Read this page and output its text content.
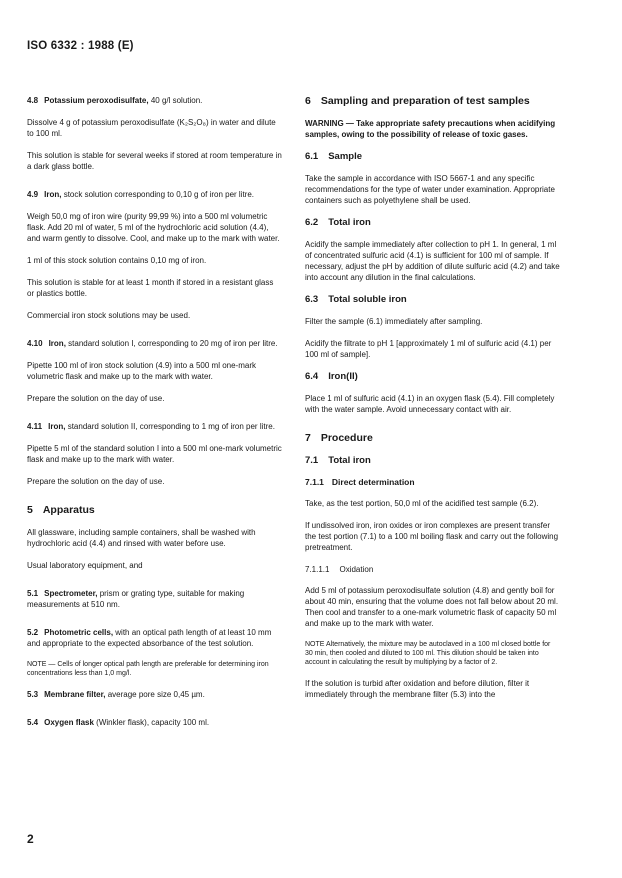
ISO 6332 : 1988 (E)

4.8 Potassium peroxodisulfate, 40 g/l solution.

Dissolve 4 g of potassium peroxodisulfate (K₂S₂O₈) in water and dilute to 100 ml.

This solution is stable for several weeks if stored at room temperature in a dark glass bottle.

4.9 Iron, stock solution corresponding to 0,10 g of iron per litre.

Weigh 50,0 mg of iron wire (purity 99,99 %) into a 500 ml volumetric flask. Add 20 ml of water, 5 ml of the hydrochloric acid solution (4.4), and warm gently to dissolve. Cool, and make up to the mark with water.

1 ml of this stock solution contains 0,10 mg of iron.

This solution is stable for at least 1 month if stored in a resistant glass or plastics bottle.

Commercial iron stock solutions may be used.

4.10 Iron, standard solution I, corresponding to 20 mg of iron per litre.

Pipette 100 ml of iron stock solution (4.9) into a 500 ml one-mark volumetric flask and make up to the mark with water.

Prepare the solution on the day of use.

4.11 Iron, standard solution II, corresponding to 1 mg of iron per litre.

Pipette 5 ml of the standard solution I into a 500 ml one-mark volumetric flask and make up to the mark with water.

Prepare the solution on the day of use.

5 Apparatus

All glassware, including sample containers, shall be washed with hydrochloric acid (4.4) and rinsed with water before use.

Usual laboratory equipment, and

5.1 Spectrometer, prism or grating type, suitable for making measurements at 510 nm.

5.2 Photometric cells, with an optical path length of at least 10 mm and appropriate to the expected absorbance of the test solution.

NOTE — Cells of longer optical path length are preferable for determining iron concentrations less than 1,0 mg/l.

5.3 Membrane filter, average pore size 0,45 µm.

5.4 Oxygen flask (Winkler flask), capacity 100 ml.

6 Sampling and preparation of test samples

WARNING — Take appropriate safety precautions when acidifying samples, owing to the possibility of release of toxic gases.

6.1 Sample

Take the sample in accordance with ISO 5667-1 and any specific recommendations for the type of water under examination. Appropriate containers such as polyethylene shall be used.

6.2 Total iron

Acidify the sample immediately after collection to pH 1. In general, 1 ml of concentrated sulfuric acid (4.1) is sufficient for 100 ml of sample. If necessary, adjust the pH by addition of dilute sulfuric acid (4.2) and take into account any dilution in the final calculations.

6.3 Total soluble iron

Filter the sample (6.1) immediately after sampling.

Acidify the filtrate to pH 1 [approximately 1 ml of sulfuric acid (4.1) per 100 ml of sample].

6.4 Iron(II)

Place 1 ml of sulfuric acid (4.1) in an oxygen flask (5.4). Fill completely with the water sample. Avoid unnecessary contact with air.

7 Procedure
7.1 Total iron
7.1.1 Direct determination

Take, as the test portion, 50,0 ml of the acidified test sample (6.2).

If undissolved iron, iron oxides or iron complexes are present transfer the test portion (7.1) to a 100 ml boiling flask and carry out the following pretreatment.

7.1.1.1 Oxidation

Add 5 ml of potassium peroxodisulfate solution (4.8) and gently boil for about 40 min, ensuring that the volume does not fall below about 20 ml. Then cool and transfer to a one-mark volumetric flask of capacity 50 ml and make up to the mark with water.

NOTE Alternatively, the mixture may be autoclaved in a 100 ml closed bottle for 30 min, then cooled and diluted to 100 ml. This dilution should be taken into account in calculating the result by multiplying by a factor of 2.

If the solution is turbid after oxidation and before dilution, filter it immediately through the membrane filter (5.3) into the

2
